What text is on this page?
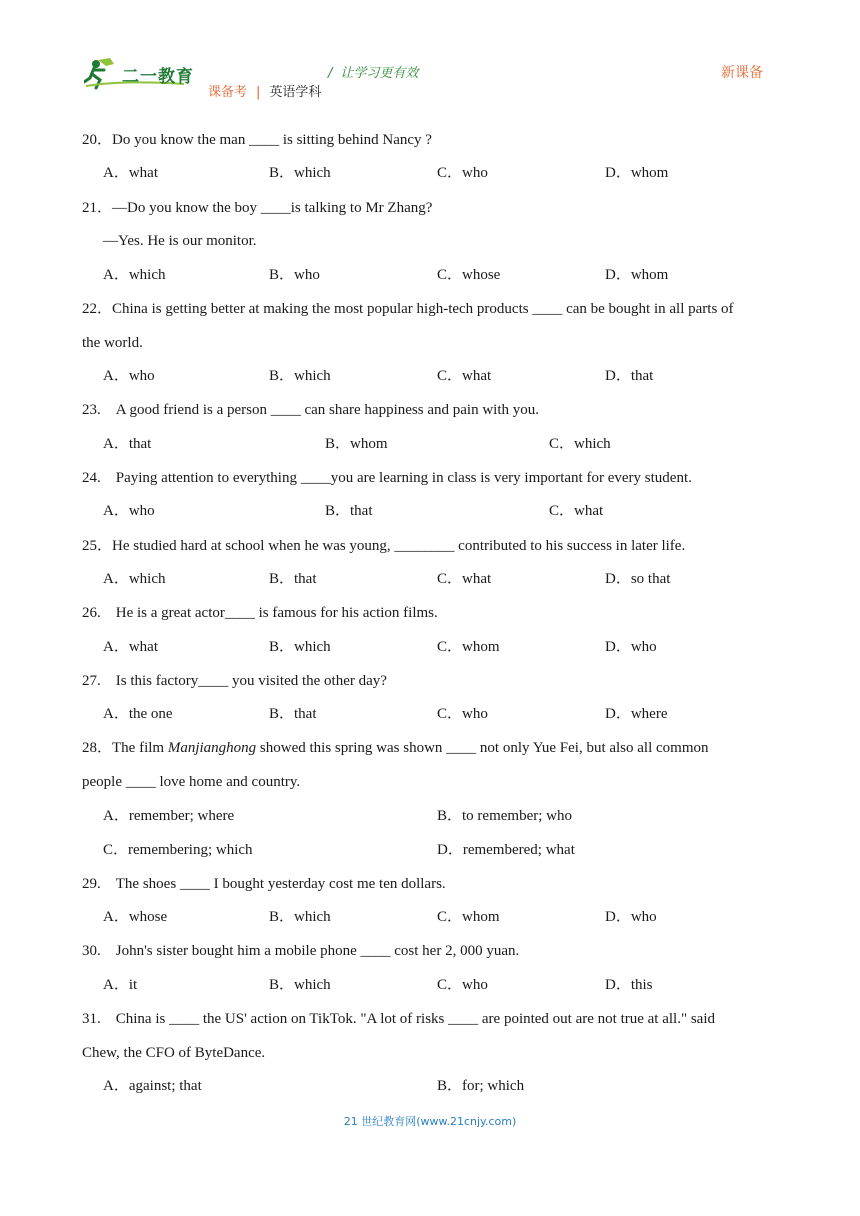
二一教育	/ 让学习更有效	新课备
课备考 | 英语学科
20．Do you know the man ____ is sitting behind Nancy ?
A．what	B．which	C．who	D．whom
21．—Do you know the boy ____is talking to Mr Zhang?
—Yes. He is our monitor.
A．which	B．who	C．whose	D．whom
22．China is getting better at making the most popular high-tech products ____ can be bought in all parts of
the world.
A．who	B．which	C．what	D．that
23.　A good friend is a person ____ can share happiness and pain with you.
A．that	B．whom	C．which
24.　Paying attention to everything ____you are learning in class is very important for every student.
A．who	B．that	C．what
25．He studied hard at school when he was young, ________ contributed to his success in later life.
A．which	B．that	C．what	D．so that
26.　He is a great actor____ is famous for his action films.
A．what	B．which	C．whom	D．who
27.　Is this factory____ you visited the other day?
A．the one	B．that	C．who	D．where
28．The film Manjianghong showed this spring was shown ____ not only Yue Fei, but also all common
people ____ love home and country.
A．remember; where	B．to remember; who
C．remembering; which	D．remembered; what
29.　The shoes ____ I bought yesterday cost me ten dollars.
A．whose	B．which	C．whom	D．who
30.　John's sister bought him a mobile phone ____ cost her 2, 000 yuan.
A．it	B．which	C．who	D．this
31.　China is ____ the US' action on TikTok. "A lot of risks ____ are pointed out are not true at all." said
Chew, the CFO of ByteDance.
A．against; that	B．for; which
21 世纪教育网(www.21cnjy.com)
